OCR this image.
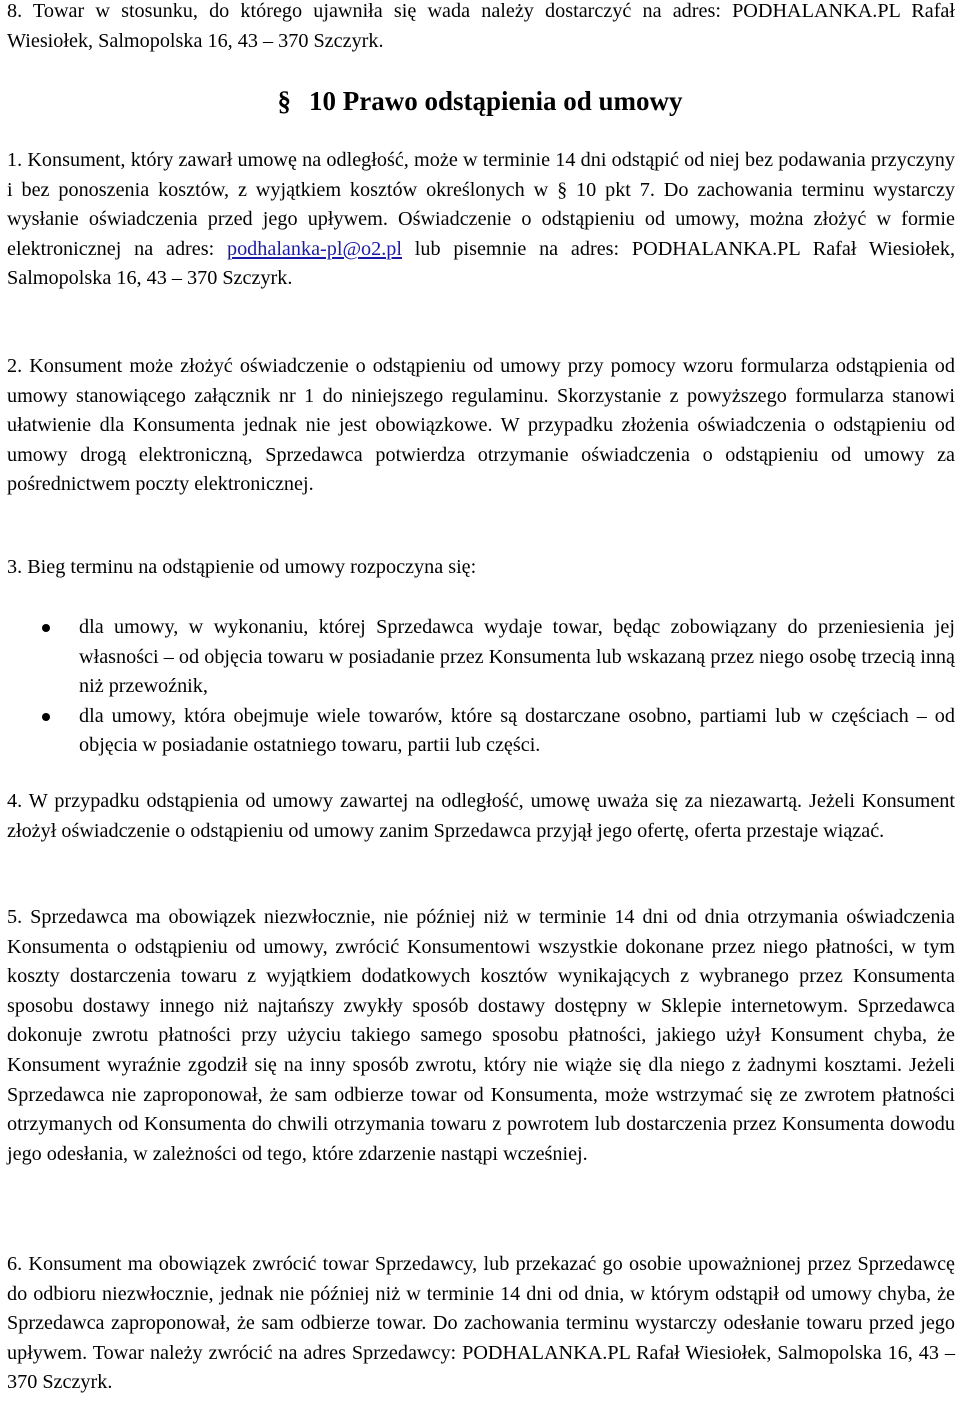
8. Towar w stosunku, do którego ujawniła się wada należy dostarczyć na adres: PODHALANKA.PL Rafał Wiesiołek, Salmopolska 16, 43 – 370 Szczyrk.

§ 10 Prawo odstąpienia od umowy

1. Konsument, który zawarł umowę na odległość, może w terminie 14 dni odstąpić od niej bez podawania przyczyny i bez ponoszenia kosztów, z wyjątkiem kosztów określonych w § 10 pkt 7. Do zachowania terminu wystarczy wysłanie oświadczenia przed jego upływem. Oświadczenie o odstąpieniu od umowy, można złożyć w formie elektronicznej na adres: podhalanka-pl@o2.pl lub pisemnie na adres: PODHALANKA.PL Rafał Wiesiołek, Salmopolska 16, 43 – 370 Szczyrk.

2. Konsument może złożyć oświadczenie o odstąpieniu od umowy przy pomocy wzoru formularza odstąpienia od umowy stanowiącego załącznik nr 1 do niniejszego regulaminu. Skorzystanie z powyższego formularza stanowi ułatwienie dla Konsumenta jednak nie jest obowiązkowe. W przypadku złożenia oświadczenia o odstąpieniu od umowy drogą elektroniczną, Sprzedawca potwierdza otrzymanie oświadczenia o odstąpieniu od umowy za pośrednictwem poczty elektronicznej.

3. Bieg terminu na odstąpienie od umowy rozpoczyna się:

dla umowy, w wykonaniu, której Sprzedawca wydaje towar, będąc zobowiązany do przeniesienia jej własności – od objęcia towaru w posiadanie przez Konsumenta lub wskazaną przez niego osobę trzecią inną niż przewoźnik,
dla umowy, która obejmuje wiele towarów, które są dostarczane osobno, partiami lub w częściach – od objęcia w posiadanie ostatniego towaru, partii lub części.

4. W przypadku odstąpienia od umowy zawartej na odległość, umowę uważa się za niezawartą. Jeżeli Konsument złożył oświadczenie o odstąpieniu od umowy zanim Sprzedawca przyjął jego ofertę, oferta przestaje wiązać.

5. Sprzedawca ma obowiązek niezwłocznie, nie później niż w terminie 14 dni od dnia otrzymania oświadczenia Konsumenta o odstąpieniu od umowy, zwrócić Konsumentowi wszystkie dokonane przez niego płatności, w tym koszty dostarczenia towaru z wyjątkiem dodatkowych kosztów wynikających z wybranego przez Konsumenta sposobu dostawy innego niż najtańszy zwykły sposób dostawy dostępny w Sklepie internetowym. Sprzedawca dokonuje zwrotu płatności przy użyciu takiego samego sposobu płatności, jakiego użył Konsument chyba, że Konsument wyraźnie zgodził się na inny sposób zwrotu, który nie wiąże się dla niego z żadnymi kosztami. Jeżeli Sprzedawca nie zaproponował, że sam odbierze towar od Konsumenta, może wstrzymać się ze zwrotem płatności otrzymanych od Konsumenta do chwili otrzymania towaru z powrotem lub dostarczenia przez Konsumenta dowodu jego odesłania, w zależności od tego, które zdarzenie nastąpi wcześniej.

6. Konsument ma obowiązek zwrócić towar Sprzedawcy, lub przekazać go osobie upoważnionej przez Sprzedawcę do odbioru niezwłocznie, jednak nie później niż w terminie 14 dni od dnia, w którym odstąpił od umowy chyba, że Sprzedawca zaproponował, że sam odbierze towar. Do zachowania terminu wystarczy odesłanie towaru przed jego upływem. Towar należy zwrócić na adres Sprzedawcy: PODHALANKA.PL Rafał Wiesiołek, Salmopolska 16, 43 – 370 Szczyrk.
